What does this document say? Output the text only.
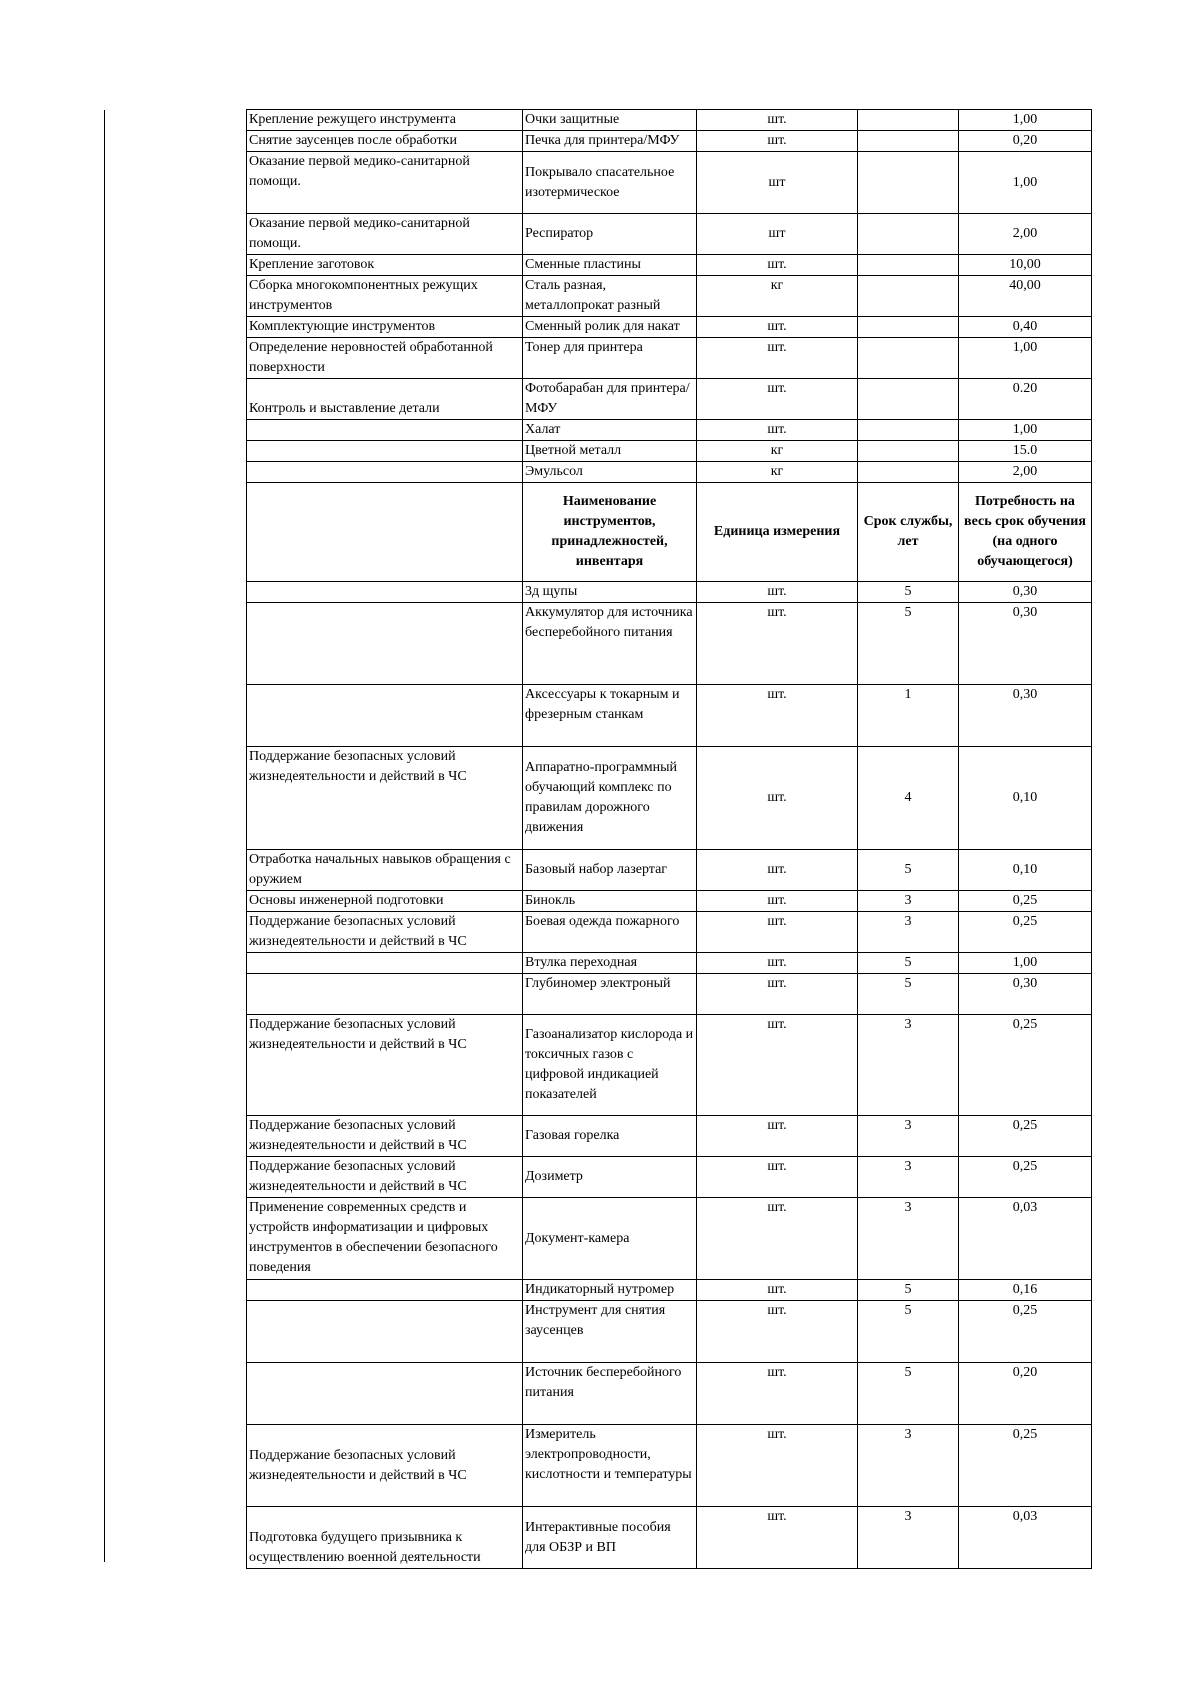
Крепление режущего инструмента	Очки защитные	шт.		1,00
Снятие заусенцев после обработки	Печка для принтера/МФУ	шт.		0,20
Оказание первой медико-санитарной помощи.	Покрывало спасательное изотермическое	шт		1,00
Оказание первой медико-санитарной помощи.	Респиратор	шт		2,00
Крепление заготовок	Сменные пластины	шт.		10,00
Сборка многокомпонентных режущих инструментов	Сталь разная, металлопрокат разный	кг		40,00
Комплектующие инструментов	Сменный ролик для накат	шт.		0,40
Определение неровностей обработанной поверхности	Тонер для принтера	шт.		1,00
Контроль и выставление детали	Фотобарабан для принтера/ МФУ	шт.		0.20
	Халат	шт.		1,00
	Цветной металл	кг		15.0
	Эмульсол	кг		2,00
	Наименование инструментов, принадлежностей, инвентаря	Единица измерения	Срок службы, лет	Потребность на весь срок обучения (на одного обучающегося)
	3д щупы	шт.	5	0,30
	Аккумулятор для источника бесперебойного питания	шт.	5	0,30
	Аксессуары к токарным и фрезерным станкам	шт.	1	0,30
Поддержание безопасных условий жизнедеятельности и действий в ЧС	Аппаратно-программный обучающий комплекс по правилам дорожного движения	шт.	4	0,10
Отработка начальных навыков обращения с оружием	Базовый набор лазертаг	шт.	5	0,10
Основы инженерной подготовки	Бинокль	шт.	3	0,25
Поддержание безопасных условий жизнедеятельности и действий в ЧС	Боевая одежда пожарного	шт.	3	0,25
	Втулка переходная	шт.	5	1,00
	Глубиномер электроный	шт.	5	0,30
Поддержание безопасных условий жизнедеятельности и действий в ЧС	Газоанализатор кислорода и токсичных газов с цифровой индикацией показателей	шт.	3	0,25
Поддержание безопасных условий жизнедеятельности и действий в ЧС	Газовая горелка	шт.	3	0,25
Поддержание безопасных условий жизнедеятельности и действий в ЧС	Дозиметр	шт.	3	0,25
Применение современных средств и устройств информатизации и цифровых инструментов в обеспечении безопасного поведения	Документ-камера	шт.	3	0,03
	Индикаторный нутромер	шт.	5	0,16
	Инструмент для снятия заусенцев	шт.	5	0,25
	Источник бесперебойного питания	шт.	5	0,20
Поддержание безопасных условий жизнедеятельности и действий в ЧС	Измеритель электропроводности, кислотности и температуры	шт.	3	0,25
Подготовка будущего призывника к осуществлению военной деятельности	Интерактивные пособия для ОБЗР и ВП	шт.	3	0,03
